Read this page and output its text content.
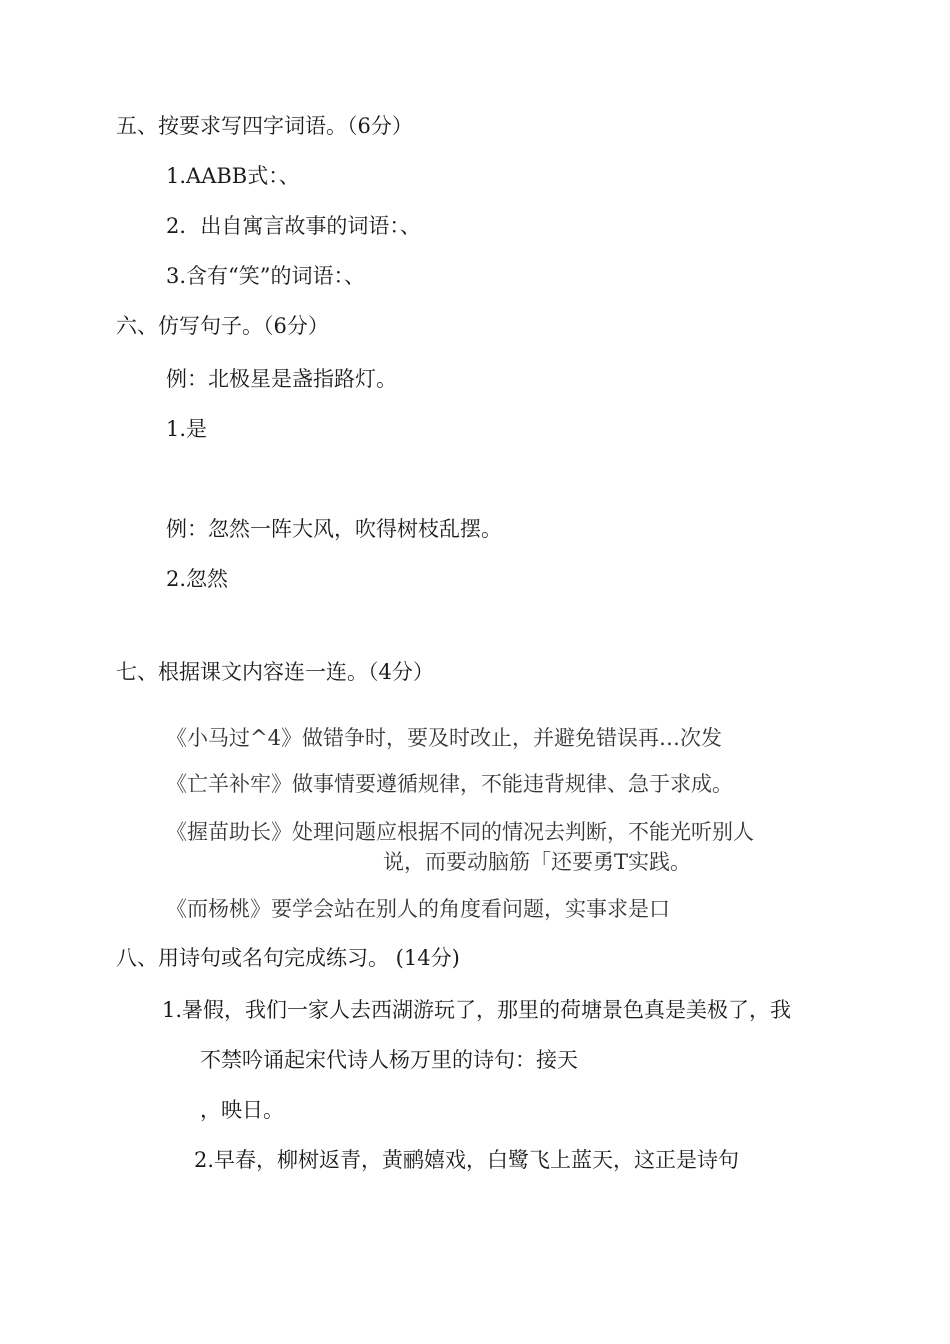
五、按要求写四字词语。（6分）
1.AABB式：、
2．出自寓言故事的词语：、
3.含有“笑”的词语：、
六、仿写句子。（6分）
例：北极星是盏指路灯。
1.是
例：忽然一阵大风，吹得树枝乱摆。
2.忽然
七、根据课文内容连一连。（4分）
《小马过^4》做错争时，要及时改止，并避免错误再…次发
《亡羊补牢》做事情要遵循规律，不能违背规律、急于求成。
《握苗助长》处理问题应根据不同的情况去判断，不能光听别人
说，而要动脑筋「还要勇T实践。
《而杨桃》要学会站在别人的角度看问题，实事求是口
八、用诗句或名句完成练习。 (14分)
1.暑假，我们一家人去西湖游玩了，那里的荷塘景色真是美极了，我
不禁吟诵起宋代诗人杨万里的诗句：接天
，映日。
2.早春，柳树返青，黄鹂嬉戏，白鹭飞上蓝天，这正是诗句
